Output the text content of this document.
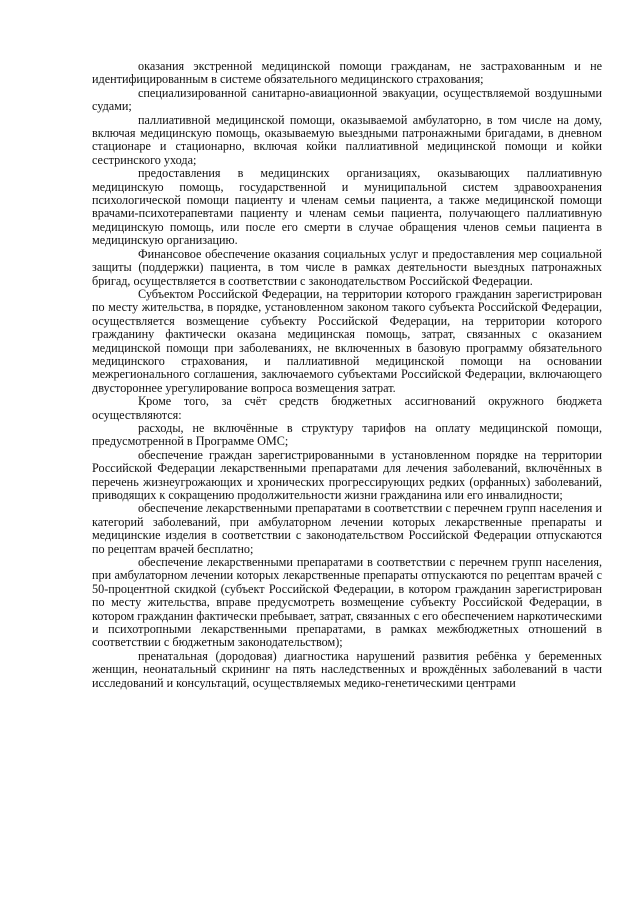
оказания экстренной медицинской помощи гражданам, не застрахованным и не идентифицированным в системе обязательного медицинского страхования;

специализированной санитарно-авиационной эвакуации, осуществляемой воздушными судами;

паллиативной медицинской помощи, оказываемой амбулаторно, в том числе на дому, включая медицинскую помощь, оказываемую выездными патронажными бригадами, в дневном стационаре и стационарно, включая койки паллиативной медицинской помощи и койки сестринского ухода;

предоставления в медицинских организациях, оказывающих паллиативную медицинскую помощь, государственной и муниципальной систем здравоохранения психологической помощи пациенту и членам семьи пациента, а также медицинской помощи врачами-психотерапевтами пациенту и членам семьи пациента, получающего паллиативную медицинскую помощь, или после его смерти в случае обращения членов семьи пациента в медицинскую организацию.

Финансовое обеспечение оказания социальных услуг и предоставления мер социальной защиты (поддержки) пациента, в том числе в рамках деятельности выездных патронажных бригад, осуществляется в соответствии с законодательством Российской Федерации.

Субъектом Российской Федерации, на территории которого гражданин зарегистрирован по месту жительства, в порядке, установленном законом такого субъекта Российской Федерации, осуществляется возмещение субъекту Российской Федерации, на территории которого гражданину фактически оказана медицинская помощь, затрат, связанных с оказанием медицинской помощи при заболеваниях, не включенных в базовую программу обязательного медицинского страхования, и паллиативной медицинской помощи на основании межрегионального соглашения, заключаемого субъектами Российской Федерации, включающего двустороннее урегулирование вопроса возмещения затрат.

Кроме того, за счёт средств бюджетных ассигнований окружного бюджета осуществляются:

расходы, не включённые в структуру тарифов на оплату медицинской помощи, предусмотренной в Программе ОМС;

обеспечение граждан зарегистрированными в установленном порядке на территории Российской Федерации лекарственными препаратами для лечения заболеваний, включённых в перечень жизнеугрожающих и хронических прогрессирующих редких (орфанных) заболеваний, приводящих к сокращению продолжительности жизни гражданина или его инвалидности;

обеспечение лекарственными препаратами в соответствии с перечнем групп населения и категорий заболеваний, при амбулаторном лечении которых лекарственные препараты и медицинские изделия в соответствии с законодательством Российской Федерации отпускаются по рецептам врачей бесплатно;

обеспечение лекарственными препаратами в соответствии с перечнем групп населения, при амбулаторном лечении которых лекарственные препараты отпускаются по рецептам врачей с 50-процентной скидкой (субъект Российской Федерации, в котором гражданин зарегистрирован по месту жительства, вправе предусмотреть возмещение субъекту Российской Федерации, в котором гражданин фактически пребывает, затрат, связанных с его обеспечением наркотическими и психотропными лекарственными препаратами, в рамках межбюджетных отношений в соответствии с бюджетным законодательством);

пренатальная (дородовая) диагностика нарушений развития ребёнка у беременных женщин, неонатальный скрининг на пять наследственных и врождённых заболеваний в части исследований и консультаций, осуществляемых медико-генетическими центрами
